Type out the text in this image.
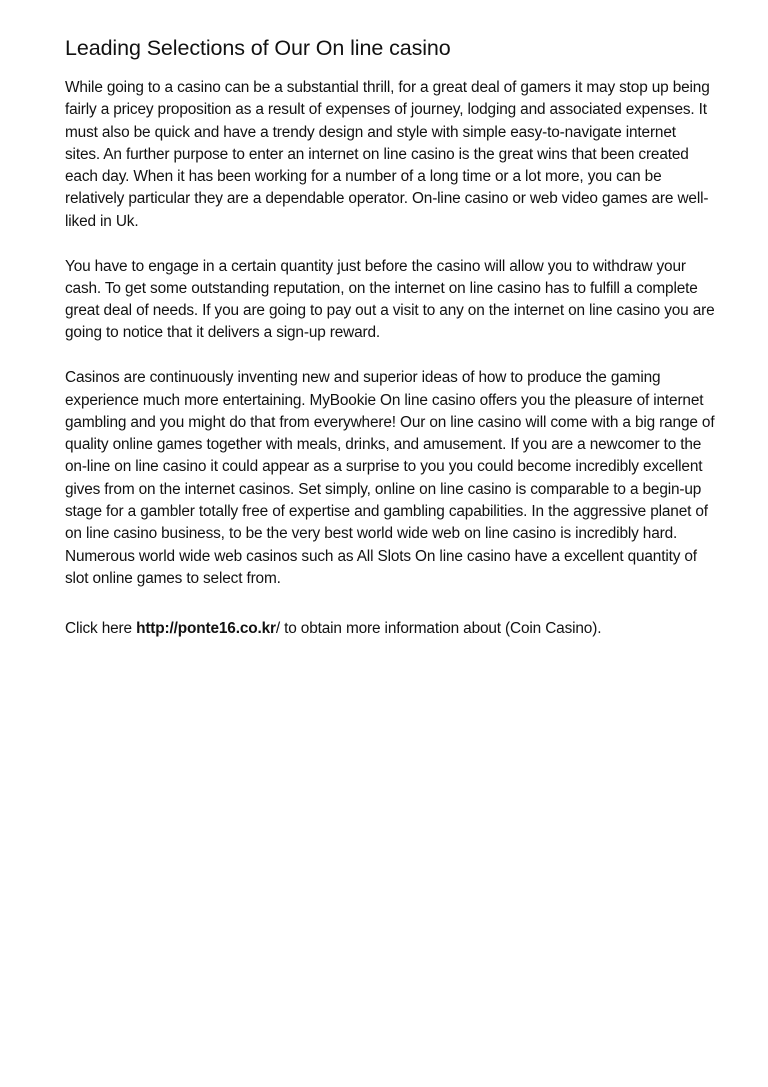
Leading Selections of Our On line casino

While going to a casino can be a substantial thrill, for a great deal of gamers it may stop up being fairly a pricey proposition as a result of expenses of journey, lodging and associated expenses. It must also be quick and have a trendy design and style with simple easy-to-navigate internet sites. An further purpose to enter an internet on line casino is the great wins that been created each day. When it has been working for a number of a long time or a lot more, you can be relatively particular they are a dependable operator. On-line casino or web video games are well-liked in Uk.

You have to engage in a certain quantity just before the casino will allow you to withdraw your cash. To get some outstanding reputation, on the internet on line casino has to fulfill a complete great deal of needs. If you are going to pay out a visit to any on the internet on line casino you are going to notice that it delivers a sign-up reward.

Casinos are continuously inventing new and superior ideas of how to produce the gaming experience much more entertaining. MyBookie On line casino offers you the pleasure of internet gambling and you might do that from everywhere! Our on line casino will come with a big range of quality online games together with meals, drinks, and amusement. If you are a newcomer to the on-line on line casino it could appear as a surprise to you you could become incredibly excellent gives from on the internet casinos. Set simply, online on line casino is comparable to a begin-up stage for a gambler totally free of expertise and gambling capabilities. In the aggressive planet of on line casino business, to be the very best world wide web on line casino is incredibly hard. Numerous world wide web casinos such as All Slots On line casino have a excellent quantity of slot online games to select from.

Click here http://ponte16.co.kr/ to obtain more information about (Coin Casino).
